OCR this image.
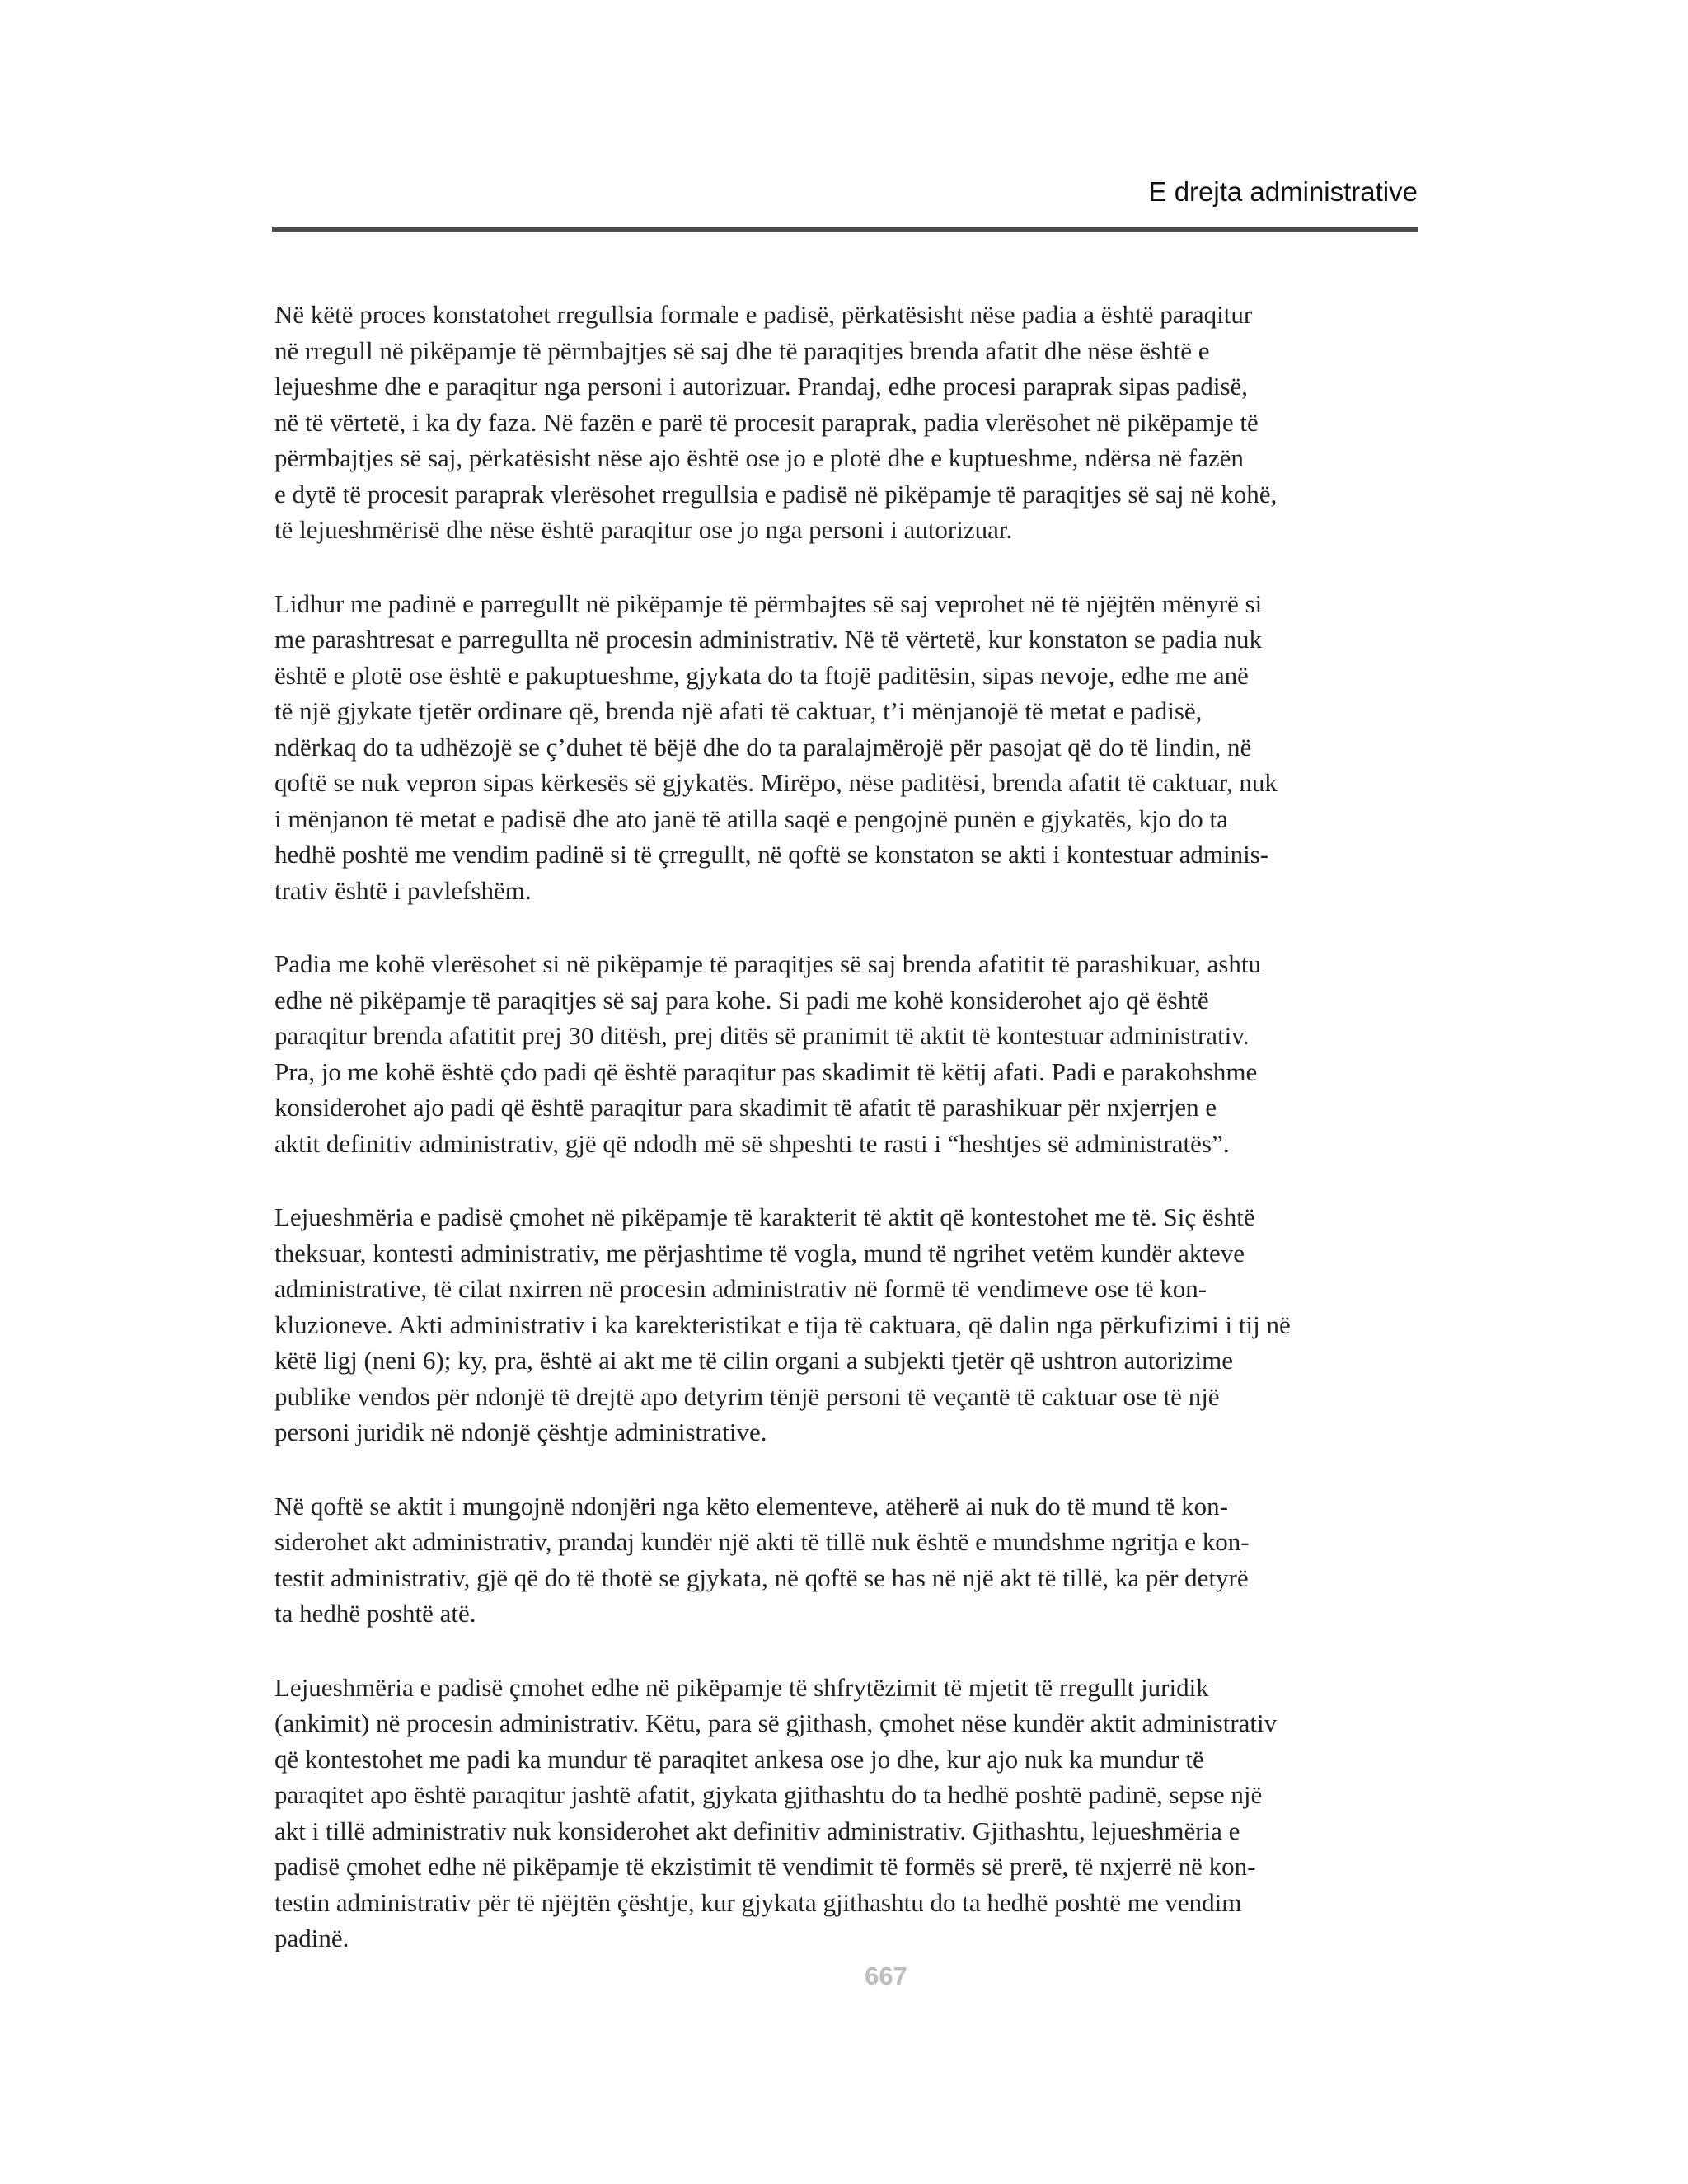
E drejta administrative

Në këtë proces konstatohet rregullsia formale e padisë, përkatësisht nëse padia a është paraqitur
në rregull në pikëpamje të përmbajtjes së saj dhe të paraqitjes brenda afatit dhe nëse është e
lejueshme dhe e paraqitur nga personi i autorizuar. Prandaj, edhe procesi paraprak sipas padisë,
në të vërtetë, i ka dy faza. Në fazën e parë të procesit paraprak, padia vlerësohet në pikëpamje të
përmbajtjes së saj, përkatësisht nëse ajo është ose jo e plotë dhe e kuptueshme, ndërsa në fazën
e dytë të procesit paraprak vlerësohet rregullsia e padisë në pikëpamje të paraqitjes së saj në kohë,
të lejueshmërisë dhe nëse është paraqitur ose jo nga personi i autorizuar.

Lidhur me padinë e parregullt në pikëpamje të përmbajtes së saj veprohet në të njëjtën mënyrë si
me parashtresat e parregullta në procesin administrativ. Në të vërtetë, kur konstaton se padia nuk
është e plotë ose është e pakuptueshme, gjykata do ta ftojë paditësin, sipas nevoje, edhe me anë
të një gjykate tjetër ordinare që, brenda një afati të caktuar, t’i mënjanojë të metat e padisë,
ndërkaq do ta udhëzojë se ç’duhet të bëjë dhe do ta paralajmërojë për pasojat që do të lindin, në
qoftë se nuk vepron sipas kërkesës së gjykatës. Mirëpo, nëse paditësi, brenda afatit të caktuar, nuk
i mënjanon të metat e padisë dhe ato janë të atilla saqë e pengojnë punën e gjykatës, kjo do ta
hedhë poshtë me vendim padinë si të çrregullt, në qoftë se konstaton se akti i kontestuar adminis-
trativ është i pavlefshëm.

Padia me kohë vlerësohet si në pikëpamje të paraqitjes së saj brenda afatitit të parashikuar, ashtu
edhe në pikëpamje të paraqitjes së saj para kohe. Si padi me kohë konsiderohet ajo që është
paraqitur brenda afatitit prej 30 ditësh, prej ditës së pranimit të aktit të kontestuar administrativ.
Pra, jo me kohë është çdo padi që është paraqitur pas skadimit të këtij afati. Padi e parakohshme
konsiderohet ajo padi që është paraqitur para skadimit të afatit të parashikuar për nxjerrjen e
aktit definitiv administrativ, gjë që ndodh më së shpeshti te rasti i “heshtjes së administratës”.

Lejueshmëria e padisë çmohet në pikëpamje të karakterit të aktit që kontestohet me të. Siç është
theksuar, kontesti administrativ, me përjashtime të vogla, mund të ngrihet vetëm kundër akteve
administrative, të cilat nxirren në procesin administrativ në formë të vendimeve ose të kon-
kluzioneve. Akti administrativ i ka karekteristikat e tija të caktuara, që dalin nga përkufizimi i tij në
këtë ligj (neni 6); ky, pra, është ai akt me të cilin organi a subjekti tjetër që ushtron autorizime
publike vendos për ndonjë të drejtë apo detyrim tënjë personi të veçantë të caktuar ose të një
personi juridik në ndonjë çështje administrative.

Në qoftë se aktit i mungojnë ndonjëri nga këto elementeve, atëherë ai nuk do të mund të kon-
siderohet akt administrativ, prandaj kundër një akti të tillë nuk është e mundshme ngritja e kon-
testit administrativ, gjë që do të thotë se gjykata, në qoftë se has në një akt të tillë, ka për detyrë
ta hedhë poshtë atë.

Lejueshmëria e padisë çmohet edhe në pikëpamje të shfrytëzimit të mjetit të rregullt juridik
(ankimit) në procesin administrativ. Këtu, para së gjithash, çmohet nëse kundër aktit administrativ
që kontestohet me padi ka mundur të paraqitet ankesa ose jo dhe, kur ajo nuk ka mundur të
paraqitet apo është paraqitur jashtë afatit, gjykata gjithashtu do ta hedhë poshtë padinë, sepse një
akt i tillë administrativ nuk konsiderohet akt definitiv administrativ. Gjithashtu, lejueshmëria e
padisë çmohet edhe në pikëpamje të ekzistimit të vendimit të formës së prerë, të nxjerrë në kon-
testin administrativ për të njëjtën çështje, kur gjykata gjithashtu do ta hedhë poshtë me vendim
padinë.

667
